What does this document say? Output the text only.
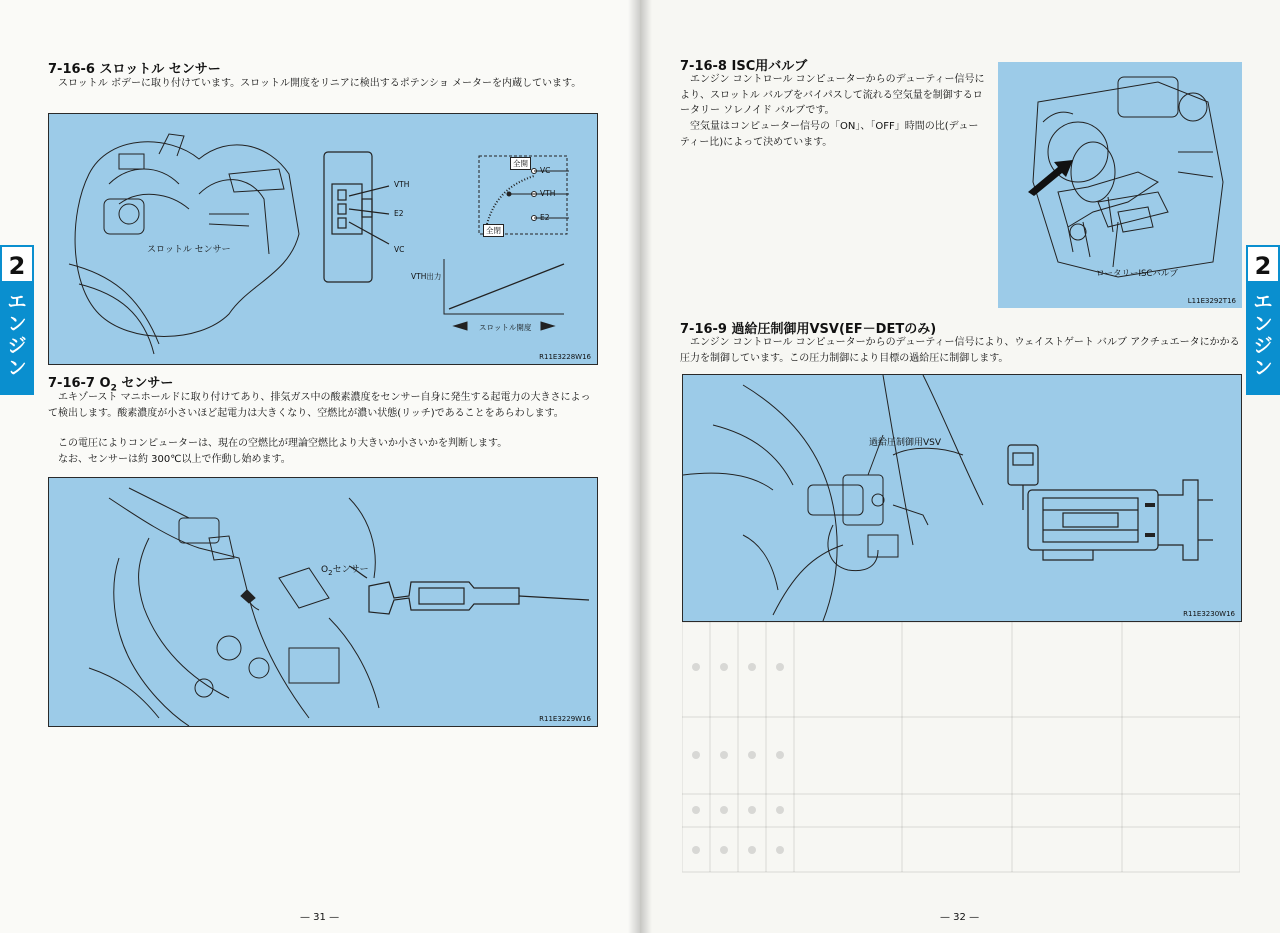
2
エ
ン
ジ
ン
7-16-6 スロットル センサー

スロットル ボデーに取り付けています。スロットル開度をリニアに検出するポテンショ メーターを内蔵しています。

スロットル センサー
VTH
E2
VC
全開
VC
VTH
E2
全閉
VTH出力
スロットル開度
R11E3228W16
7-16-7 $O_2$ センサー

エキゾースト マニホールドに取り付けてあり、排気ガス中の酸素濃度をセンサー自身に発生する起電力の大きさによって検出します。酸素濃度が小さいほど起電力は大きくなり、空燃比が濃い状態(リッチ)であることをあらわします。

この電圧によりコンピューターは、現在の空燃比が理論空燃比より大きいか小さいかを判断します。

なお、センサーは約 300℃以上で作動し始めます。

$O_2$センサー
R11E3229W16
— 31 —
2
エ
ン
ジ
ン
7-16-8 ISC用バルブ

エンジン コントロール コンピューターからのデューティー信号により、スロットル バルブをバイパスして流れる空気量を制御するロータリー ソレノイド バルブです。

空気量はコンピューター信号の「ON」、「OFF」時間の比(デューティー比)によって決めています。

ロータリーISCバルブ
L11E3292T16
7-16-9 過給圧制御用VSV(EF－DETのみ)

エンジン コントロール コンピューターからのデューティー信号により、ウェイストゲート バルブ アクチュエータにかかる圧力を制御しています。この圧力制御により目標の過給圧に制御します。

過給圧制御用VSV
R11E3230W16
— 32 —
